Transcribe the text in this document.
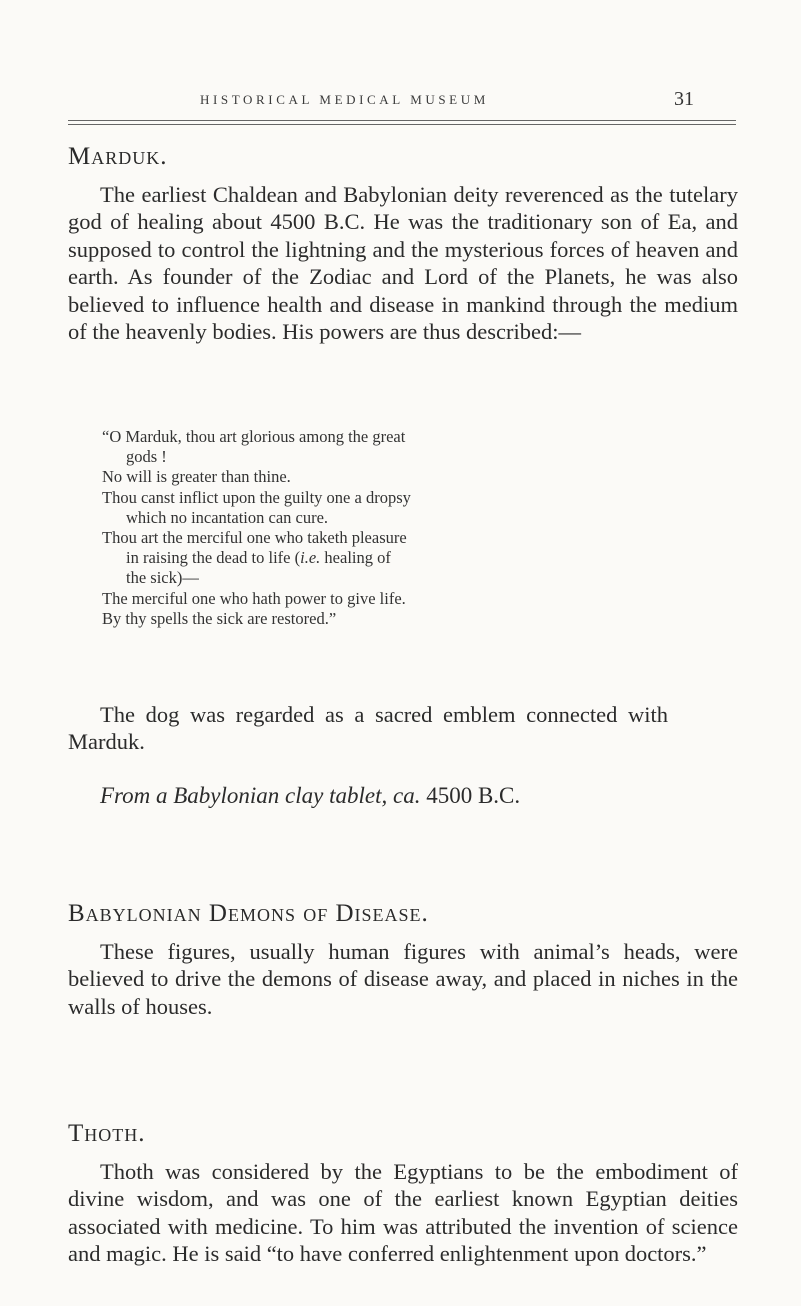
HISTORICAL MEDICAL MUSEUM	31
Marduk.

The earliest Chaldean and Babylonian deity reverenced as the tutelary god of healing about 4500 B.C. He was the traditionary son of Ea, and supposed to control the lightning and the mysterious forces of heaven and earth. As founder of the Zodiac and Lord of the Planets, he was also believed to influence health and disease in mankind through the medium of the heavenly bodies. His powers are thus described:—

“O Marduk, thou art glorious among the great
gods !
No will is greater than thine.
Thou canst inflict upon the guilty one a dropsy
which no incantation can cure.
Thou art the merciful one who taketh pleasure
in raising the dead to life (i.e. healing of
the sick)—
The merciful one who hath power to give life.
By thy spells the sick are restored.”

The dog was regarded as a sacred emblem connected with Marduk.

From a Babylonian clay tablet, ca. 4500 B.C.
Babylonian Demons of Disease.

These figures, usually human figures with animal’s heads, were believed to drive the demons of disease away, and placed in niches in the walls of houses.

Thoth.

Thoth was considered by the Egyptians to be the embodiment of divine wisdom, and was one of the earliest known Egyptian deities associated with medicine. To him was attributed the invention of science and magic. He is said “to have conferred enlightenment upon doctors.”
